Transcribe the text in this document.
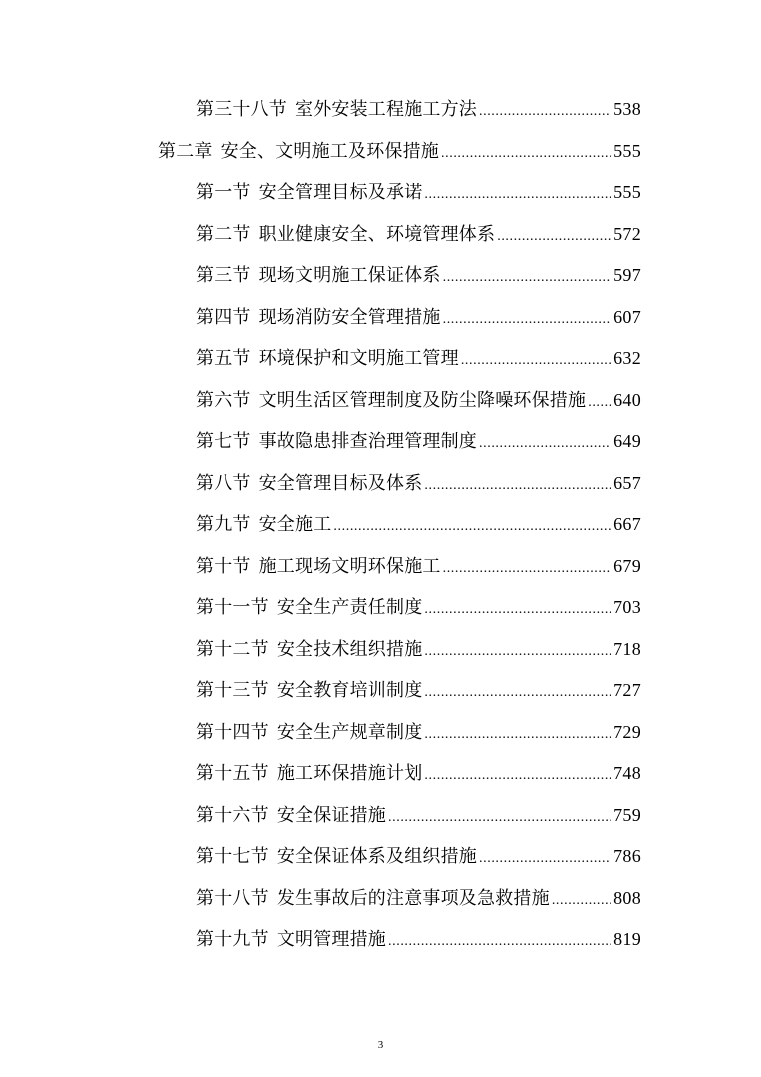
第三十八节 室外安装工程施工方法 .....	538
第二章 安全、文明施工及环保措施 .....	555
第一节 安全管理目标及承诺 .....	555
第二节 职业健康安全、环境管理体系 .....	572
第三节 现场文明施工保证体系 .....	597
第四节 现场消防安全管理措施 .....	607
第五节 环境保护和文明施工管理 .....	632
第六节 文明生活区管理制度及防尘降噪环保措施 ..... 640
第七节 事故隐患排查治理管理制度 .....	649
第八节 安全管理目标及体系 .....	657
第九节 安全施工 .....	667
第十节 施工现场文明环保施工 .....	679
第十一节 安全生产责任制度 .....	703
第十二节 安全技术组织措施 .....	718
第十三节 安全教育培训制度 .....	727
第十四节 安全生产规章制度 .....	729
第十五节 施工环保措施计划 .....	748
第十六节 安全保证措施 .....	759
第十七节 安全保证体系及组织措施 .....	786
第十八节 发生事故后的注意事项及急救措施 .....	808
第十九节 文明管理措施 .....	819
3
